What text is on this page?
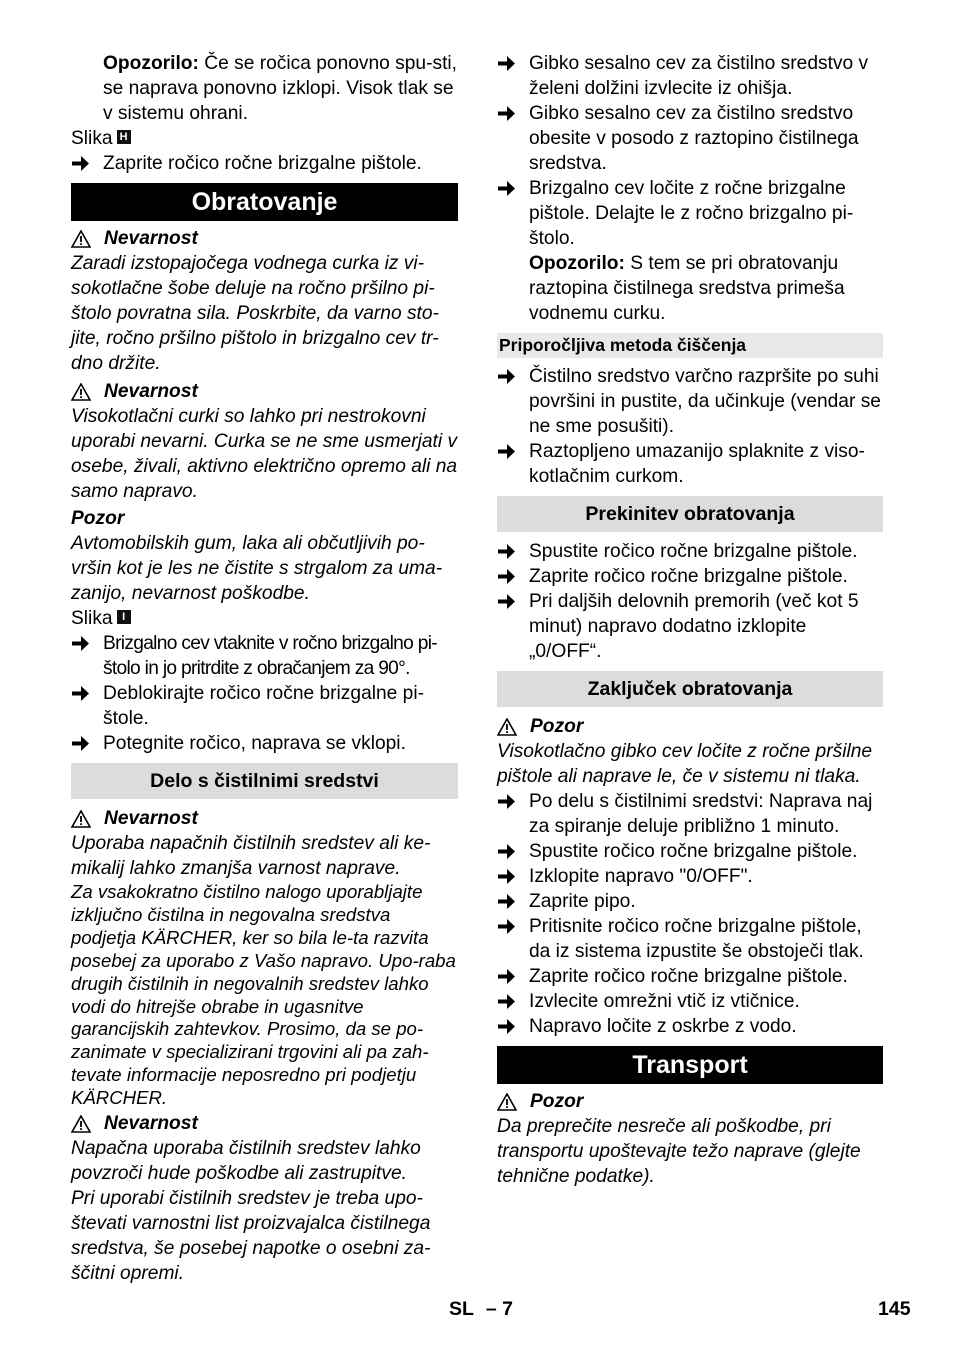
Opozorilo: Če se ročica ponovno spu-sti, se naprava ponovno izklopi. Visok tlak se v sistemu ohrani.
Slika H
Zaprite ročico ročne brizgalne pištole.
Obratovanje
Nevarnost
Zaradi izstopajočega vodnega curka iz vi-sokotlačne šobe deluje na ročno pršilno pi-štolo povratna sila. Poskrbite, da varno sto-jite, ročno pršilno pištolo in brizgalno cev tr-dno držite.
Nevarnost
Visokotlačni curki so lahko pri nestrokovni uporabi nevarni. Curka se ne sme usmerjati v osebe, živali, aktivno električno opremo ali na samo napravo.
Pozor
Avtomobilskih gum, laka ali občutljivih po-vršin kot je les ne čistite s strgalom za uma-zanijo, nevarnost poškodbe.
Slika I
Brizgalno cev vtaknite v ročno brizgalno pi-štolo in jo pritrdite z obračanjem za 90°.
Deblokirajte ročico ročne brizgalne pi-štole.
Potegnite ročico, naprava se vklopi.
Delo s čistilnimi sredstvi
Nevarnost
Uporaba napačnih čistilnih sredstev ali ke-mikalij lahko zmanjša varnost naprave.
Za vsakokratno čistilno nalogo uporabljajte izključno čistilna in negovalna sredstva podjetja KÄRCHER, ker so bila le-ta razvita posebej za uporabo z Vašo napravo. Upo-raba drugih čistilnih in negovalnih sredstev lahko vodi do hitrejše obrabe in ugasnitve garancijskih zahtevkov. Prosimo, da se po-zanimate v specializirani trgovini ali pa zah-tevate informacije neposredno pri podjetju KÄRCHER.
Nevarnost
Napačna uporaba čistilnih sredstev lahko povzroči hude poškodbe ali zastrupitve.
Pri uporabi čistilnih sredstev je treba upo-števati varnostni list proizvajalca čistilnega sredstva, še posebej napotke o osebni za-ščitni opremi.
Gibko sesalno cev za čistilno sredstvo v želeni dolžini izvlecite iz ohišja.
Gibko sesalno cev za čistilno sredstvo obesite v posodo z raztopino čistilnega sredstva.
Brizgalno cev ločite z ročne brizgalne pištole. Delajte le z ročno brizgalno pi-štolo.
Opozorilo: S tem se pri obratovanju raztopina čistilnega sredstva primeša vodnemu curku.
Priporočljiva metoda čiščenja
Čistilno sredstvo varčno razpršite po suhi površini in pustite, da učinkuje (vendar se ne sme posušiti).
Raztopljeno umazanijo splaknite z viso-kotlačnim curkom.
Prekinitev obratovanja
Spustite ročico ročne brizgalne pištole.
Zaprite ročico ročne brizgalne pištole.
Pri daljših delovnih premorih (več kot 5 minut) napravo dodatno izklopite „0/OFF“.
Zaključek obratovanja
Pozor
Visokotlačno gibko cev ločite z ročne pršilne pištole ali naprave le, če v sistemu ni tlaka.
Po delu s čistilnimi sredstvi: Naprava naj za spiranje deluje približno 1 minuto.
Spustite ročico ročne brizgalne pištole.
Izklopite napravo "0/OFF".
Zaprite pipo.
Pritisnite ročico ročne brizgalne pištole, da iz sistema izpustite še obstoječi tlak.
Zaprite ročico ročne brizgalne pištole.
Izvlecite omrežni vtič iz vtičnice.
Napravo ločite z oskrbe z vodo.
Transport
Pozor
Da preprečite nesreče ali poškodbe, pri transportu upoštevajte težo naprave (glejte tehnične podatke).
SL – 7	145
